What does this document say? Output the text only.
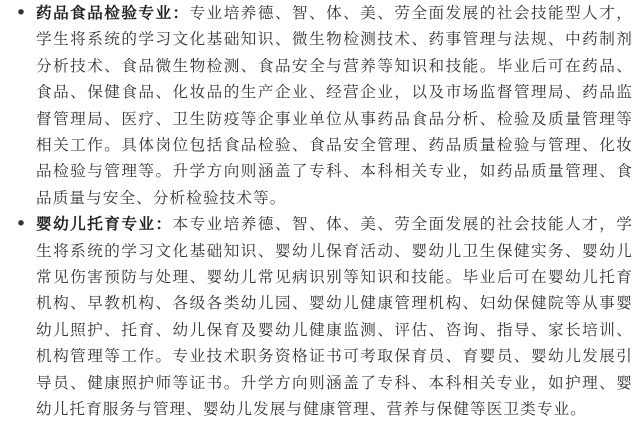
• 药品食品检验专业：专业培养德、智、体、美、劳全面发展的社会技能型人才，学生将系统的学习文化基础知识、微生物检测技术、药事管理与法规、中药制剂分析技术、食品微生物检测、食品安全与营养等知识和技能。毕业后可在药品、食品、保健食品、化妆品的生产企业、经营企业，以及市场监督管理局、药品监督管理局、医疗、卫生防疫等企事业单位从事药品食品分析、检验及质量管理等相关工作。具体岗位包括食品检验、食品安全管理、药品质量检验与管理、化妆品检验与管理等。升学方向则涵盖了专科、本科相关专业，如药品质量管理、食品质量与安全、分析检验技术等。
• 婴幼儿托育专业：本专业培养德、智、体、美、劳全面发展的社会技能人才，学生将系统的学习文化基础知识、婴幼儿保育活动、婴幼儿卫生保健实务、婴幼儿常见伤害预防与处理、婴幼儿常见病识别等知识和技能。毕业后可在婴幼儿托育机构、早教机构、各级各类幼儿园、婴幼儿健康管理机构、妇幼保健院等从事婴幼儿照护、托育、幼儿保育及婴幼儿健康监测、评估、咨询、指导、家长培训、机构管理等工作。专业技术职务资格证书可考取保育员、育婴员、婴幼儿发展引导员、健康照护师等证书。升学方向则涵盖了专科、本科相关专业，如护理、婴幼儿托育服务与管理、婴幼儿发展与健康管理、营养与保健等医卫类专业。
